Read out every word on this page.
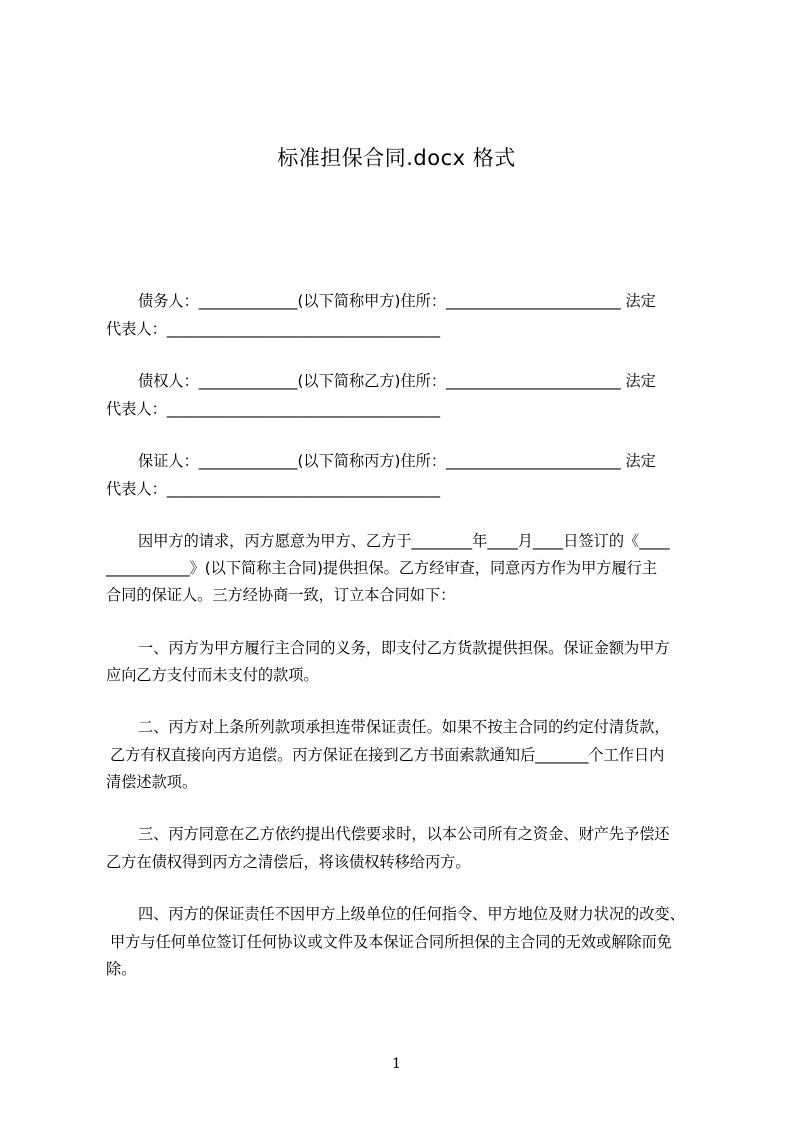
标准担保合同.docx 格式
债务人：_____________(以下简称甲方)住所：_______________________ 法定
代表人：____________________________________
债权人：_____________(以下简称乙方)住所：_______________________ 法定
代表人：____________________________________
保证人：_____________(以下简称丙方)住所：_______________________ 法定
代表人：____________________________________
因甲方的请求，丙方愿意为甲方、乙方于________年____月____日签订的《____
___________》(以下简称主合同)提供担保。乙方经审查，同意丙方作为甲方履行主
合同的保证人。三方经协商一致，订立本合同如下：
一、丙方为甲方履行主合同的义务，即支付乙方货款提供担保。保证金额为甲方
应向乙方支付而未支付的款项。
二、丙方对上条所列款项承担连带保证责任。如果不按主合同的约定付清货款，
乙方有权直接向丙方追偿。丙方保证在接到乙方书面索款通知后_______个工作日内
清偿述款项。
三、丙方同意在乙方依约提出代偿要求时，以本公司所有之资金、财产先予偿还
乙方在债权得到丙方之清偿后，将该债权转移给丙方。
四、丙方的保证责任不因甲方上级单位的任何指令、甲方地位及财力状况的改变、
甲方与任何单位签订任何协议或文件及本保证合同所担保的主合同的无效或解除而免
除。
1
